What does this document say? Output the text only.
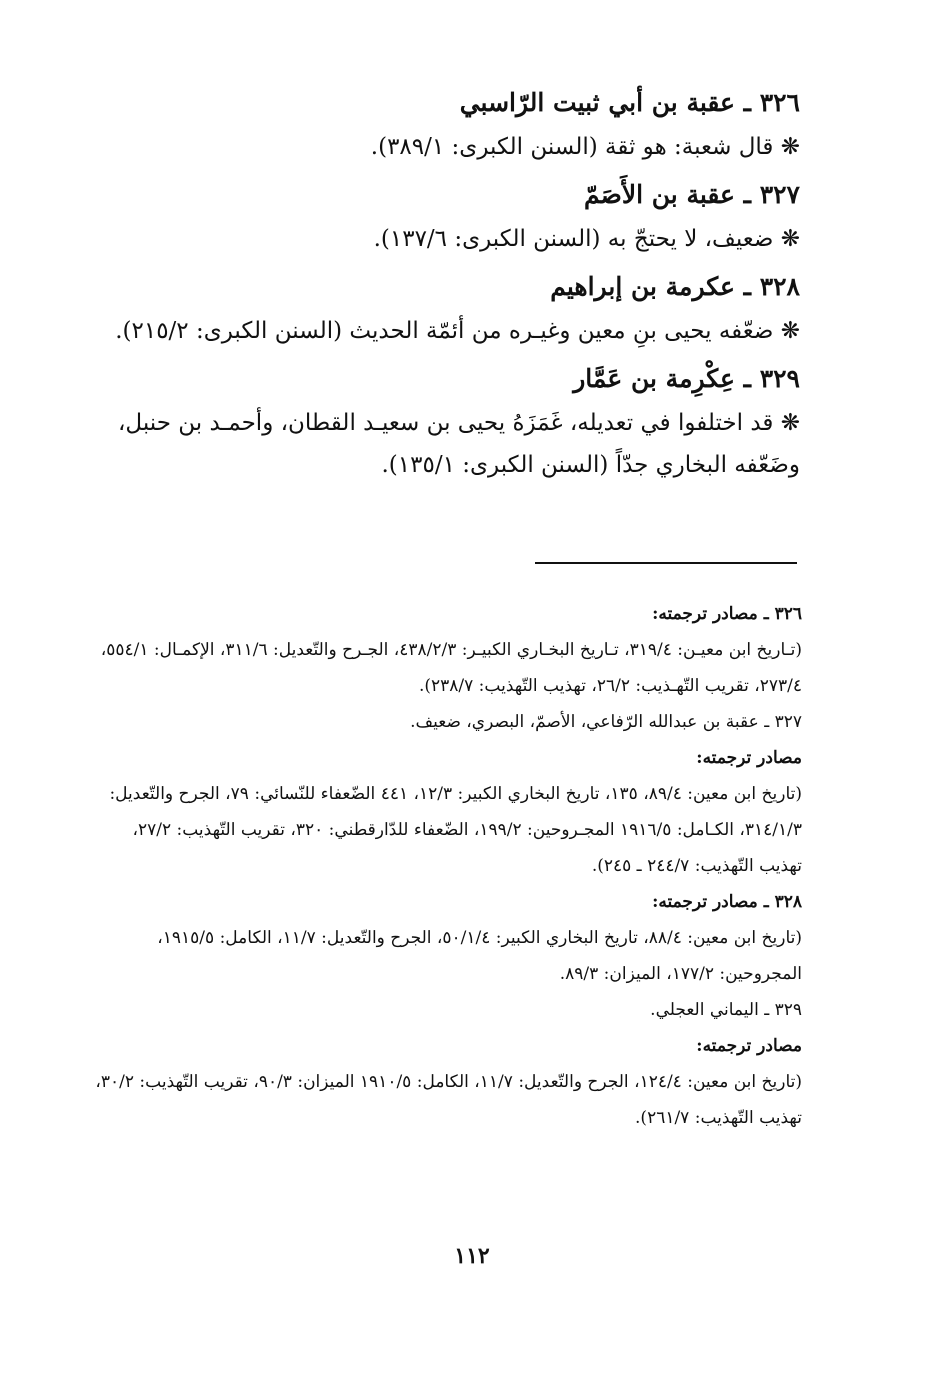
٣٢٦ ـ عقبة بن أبي ثبيت الرّاسبي

❋ قال شعبة: هو ثقة (السنن الكبرى: ٣٨٩/١).

٣٢٧ ـ عقبة بن الأَصَمّ

❋ ضعيف، لا يحتجّ به (السنن الكبرى: ١٣٧/٦).

٣٢٨ ـ عكرمة بن إبراهيم

❋ ضعّفه يحيى بنِ معين وغيـره من أئمّة الحديث (السنن الكبرى: ٢١٥/٢).

٣٢٩ ـ عِكْرِمة بن عَمَّار

❋ قد اختلفوا في تعديله، غَمَزَهُ يحيى بن سعيـد القطان، وأحمـد بن حنبل، وضَعّفه البخاري جدّاً (السنن الكبرى: ١٣٥/١).

٣٢٦ ـ مصادر ترجمته:

(تـاريخ ابن معيـن: ٣١٩/٤، تـاريخ البخـاري الكبيـر: ٤٣٨/٢/٣، الجـرح والتّعديل: ٣١١/٦، الإكمـال: ٥٥٤/١، ٢٧٣/٤، تقريب التّهـذيب: ٢٦/٢، تهذيب التّهذيب: ٢٣٨/٧).

٣٢٧ ـ عقبة بن عبدالله الرّفاعي، الأصمّ، البصري، ضعيف.

مصادر ترجمته:

(تاريخ ابن معين: ٨٩/٤، ١٣٥، تاريخ البخاري الكبير: ١٢/٣، ٤٤١ الضّعفاء للنّسائي: ٧٩، الجرح والتّعديل: ٣١٤/١/٣، الكـامل: ١٩١٦/٥ المجـروحين: ١٩٩/٢، الضّعفاء للدّارقطني: ٣٢٠، تقريب التّهذيب: ٢٧/٢، تهذيب التّهذيب: ٢٤٤/٧ ـ ٢٤٥).

٣٢٨ ـ مصادر ترجمته:

(تاريخ ابن معين: ٨٨/٤، تاريخ البخاري الكبير: ٥٠/١/٤، الجرح والتّعديل: ١١/٧، الكامل: ١٩١٥/٥، المجروحين: ١٧٧/٢، الميزان: ٨٩/٣.

٣٢٩ ـ اليماني العجلي.

مصادر ترجمته:

(تاريخ ابن معين: ١٢٤/٤، الجرح والتّعديل: ١١/٧، الكامل: ١٩١٠/٥ الميزان: ٩٠/٣، تقريب التّهذيب: ٣٠/٢، تهذيب التّهذيب: ٢٦١/٧).

١١٢
